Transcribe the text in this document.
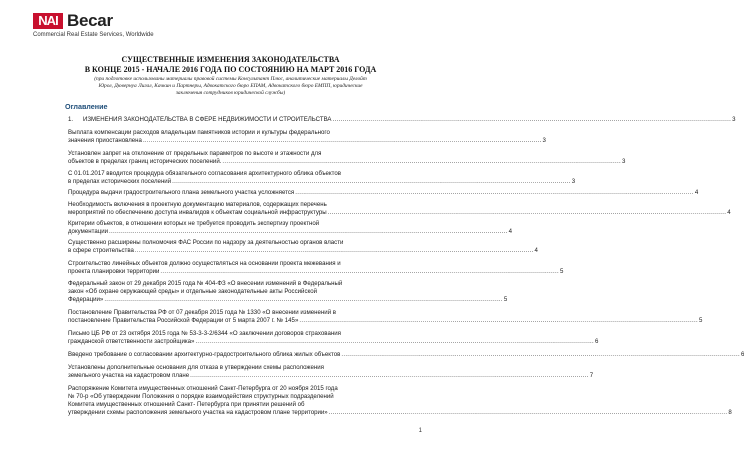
NAI Becar
Commercial Real Estate Services, Worldwide
СУЩЕСТВЕННЫЕ ИЗМЕНЕНИЯ ЗАКОНОДАТЕЛЬСТВА
В КОНЦЕ 2015 - НАЧАЛЕ 2016 ГОДА ПО СОСТОЯНИЮ НА МАРТ 2016 ГОДА
(при подготовке использованы материалы правовой системы Консультант Плюс, аналитические материалы Делойт
Юрол, Дювернуа Лигал, Качкин и Партнеры, Адвокатского бюро ЕПАМ, Адвокатского бюро ЕМПП, юридические
заключения сотрудников юридической службы)
Оглавление
1. ИЗМЕНЕНИЯ ЗАКОНОДАТЕЛЬСТВА В СФЕРЕ НЕДВИЖИМОСТИ И СТРОИТЕЛЬСТВА ........................................................................................................................................................................................................ 3
Выплата компенсации расходов владельцам памятников истории и культуры федерального
значения приостановлена ........................................................................................................................................................................................................ 3
Установлен запрет на отклонение от предельных параметров по высоте и этажности для
объектов в пределах границ исторических поселений. ........................................................................................................................................................................................................ 3
С 01.01.2017 вводится процедура обязательного согласования архитектурного облика объектов
в пределах исторических поселений ........................................................................................................................................................................................................ 3
Процедура выдачи градостроительного плана земельного участка усложняется ........................................................................................................................................................................................................ 4
Необходимость включения в проектную документацию материалов, содержащих перечень
мероприятий по обеспечению доступа инвалидов к объектам социальной инфраструктуры ........................................................................................................................................................................................................ 4
Критерии объектов, в отношении которых не требуется проводить экспертизу проектной
документации ........................................................................................................................................................................................................ 4
Существенно расширены полномочия ФАС России по надзору за деятельностью органов власти
в сфере строительства ........................................................................................................................................................................................................ 4
Строительство линейных объектов должно осуществляться на основании проекта межевания и
проекта планировки территории ........................................................................................................................................................................................................ 5
Федеральный закон от 29 декабря 2015 года № 404-ФЗ «О внесении изменений в Федеральный
закон «Об охране окружающей среды» и отдельные законодательные акты Российской
Федерации» ........................................................................................................................................................................................................ 5
Постановление Правительства РФ от 07 декабря 2015 года № 1330 «О внесении изменений в
постановление Правительства Российской Федерации от 5 марта 2007 г. № 145» ........................................................................................................................................................................................................ 5
Письмо ЦБ РФ от 23 октября 2015 года № 53-3-3-2/6344 «О заключении договоров страхования
гражданской ответственности застройщика» ........................................................................................................................................................................................................ 6
Введено требование о согласовании архитектурно-градостроительного облика жилых объектов ........................................................................................................................................................................................................ 6
Установлены дополнительные основания для отказа в утверждении схемы расположения
земельного участка на кадастровом плане ........................................................................................................................................................................................................ 7
Распоряжение Комитета имущественных отношений Санкт-Петербурга от 20 ноября 2015 года
№ 70-р «Об утверждении Положения о порядке взаимодействия структурных подразделений
Комитета имущественных отношений Санкт- Петербурга при принятии решений об
утверждении схемы расположения земельного участка на кадастровом плане территории» ........................................................................................................................................................................................................ 8
1
